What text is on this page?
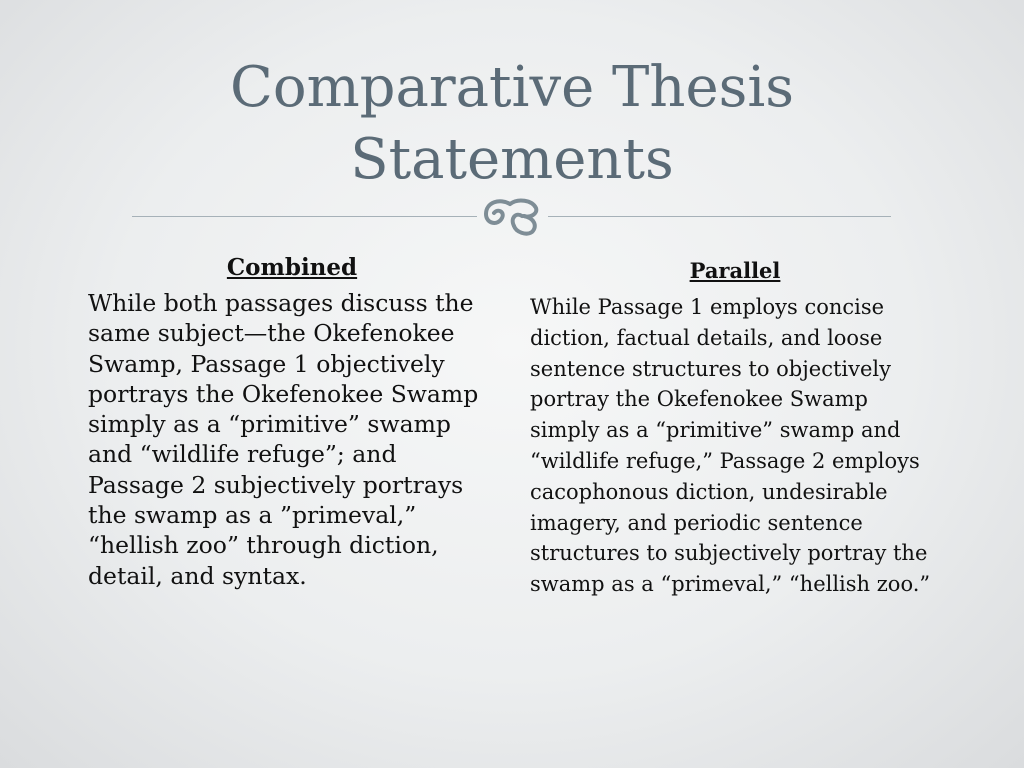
Comparative Thesis
Statements
Combined
While both passages discuss the same subject—the Okefenokee Swamp, Passage 1 objectively portrays the Okefenokee Swamp simply as a “primitive” swamp and “wildlife refuge”; and Passage 2 subjectively portrays the swamp as a ”primeval,” “hellish zoo” through diction, detail, and syntax.
Parallel
While Passage 1 employs concise diction, factual details, and loose sentence structures to objectively portray the Okefenokee Swamp simply as a “primitive” swamp and “wildlife refuge,” Passage 2 employs cacophonous diction, undesirable imagery, and periodic sentence structures to subjectively portray the swamp as a “primeval,” “hellish zoo.”
